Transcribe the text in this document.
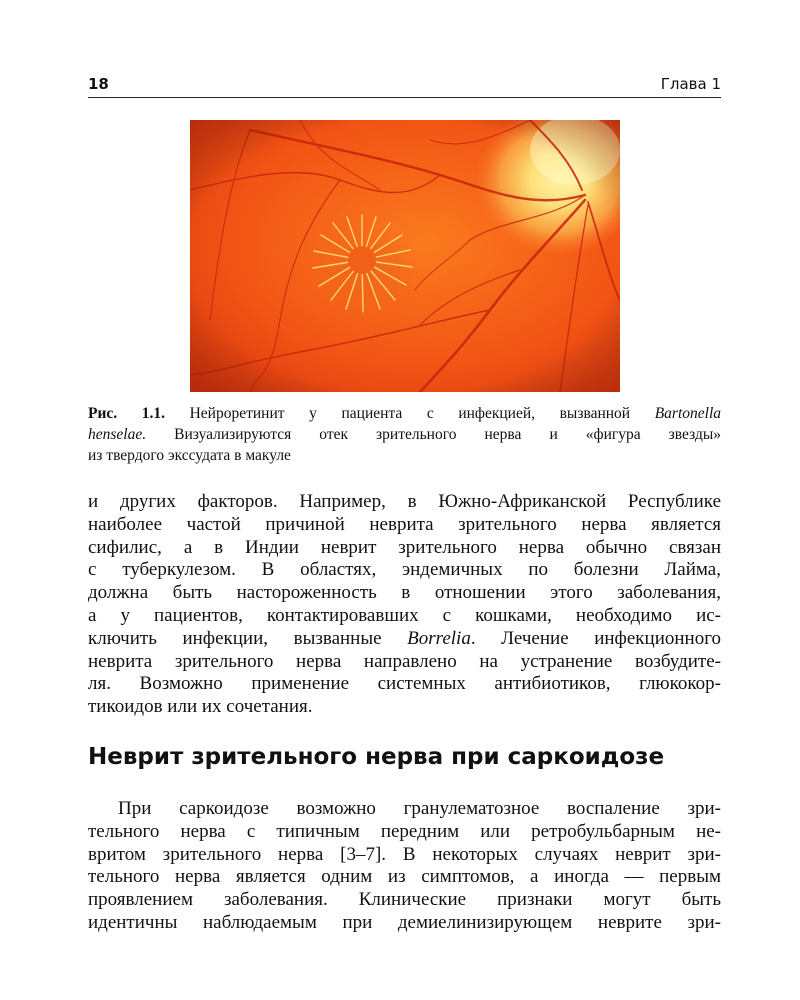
18	Глава 1
Рис. 1.1. Нейроретинит у пациента с инфекцией, вызванной Bartonella
henselae. Визуализируются отек зрительного нерва и «фигура звезды»
из твердого экссудата в макуле
и других факторов. Например, в Южно-Африканской Республике
наиболее частой причиной неврита зрительного нерва является
сифилис, а в Индии неврит зрительного нерва обычно связан
с туберкулезом. В областях, эндемичных по болезни Лайма,
должна быть настороженность в отношении этого заболевания,
а у пациентов, контактировавших с кошками, необходимо ис-
ключить инфекции, вызванные Borrelia. Лечение инфекционного
неврита зрительного нерва направлено на устранение возбудите-
ля. Возможно применение системных антибиотиков, глюкокор-
тикоидов или их сочетания.
Неврит зрительного нерва при саркоидозе
При саркоидозе возможно гранулематозное воспаление зри-
тельного нерва с типичным передним или ретробульбарным не-
вритом зрительного нерва [3–7]. В некоторых случаях неврит зри-
тельного нерва является одним из симптомов, а иногда — первым
проявлением заболевания. Клинические признаки могут быть
идентичны наблюдаемым при демиелинизирующем неврите зри-
